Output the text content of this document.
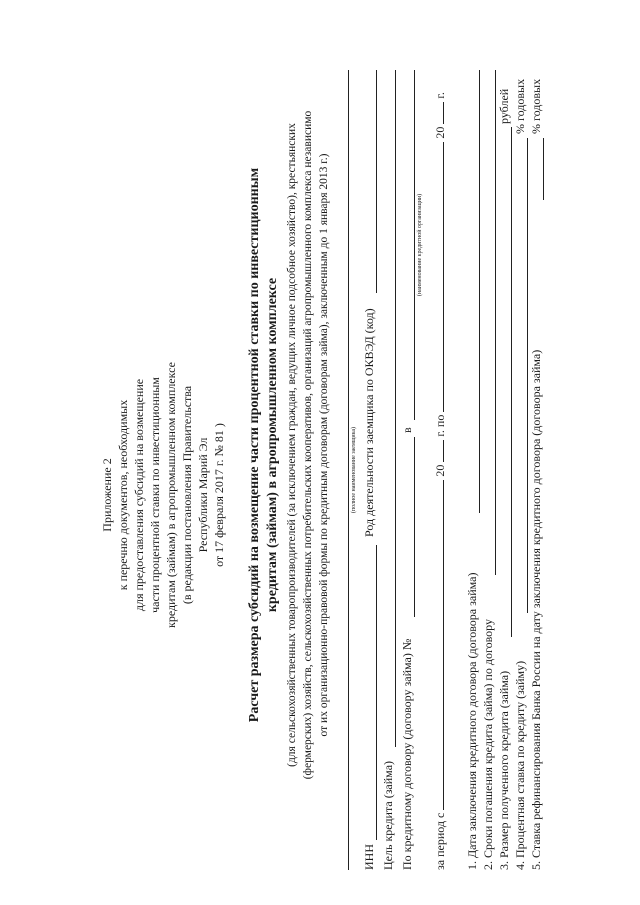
Приложение 2 к перечню документов, необходимых для предоставления субсидий на возмещение части процентной ставки по инвестиционным кредитам (займам) в агропромышленном комплексе (в редакции постановления Правительства Республики Марий Эл от 17 февраля 2017 г. № 81 ) Расчет размера субсидий на возмещение части процентной ставки по инвестиционным кредитам (займам) в агропромышленном комплексе (для сельскохозяйственных товаропроизводителей (за исключением граждан, ведущих личное подсобное хозяйство), крестьянских (фермерских) хозяйств, сельскохозяйственных потребительских кооперативов, организаций агропромышленного комплекса независимо от их организационно-правовой формы по кредитным договорам (договорам займа), заключенным до 1 января 2013 г.)	(полное наименование заемщика)
ИНН
Род деятельности заемщика по ОКВЭД (код)
Цель кредита (займа) По кредитному договору (договору займа) №
в
(наименование кредитной организации)
за период с  20  г. по  20  г.
1. Дата заключения кредитного договора (договора займа) 2. Сроки погашения кредита (займа) по договору 3. Размер полученного кредита (займа)
рублей
4. Процентная ставка по кредиту (займу)
% годовых
5. Ставка рефинансирования Банка России на дату заключения кредитного договора (договора займа)
% годовых
